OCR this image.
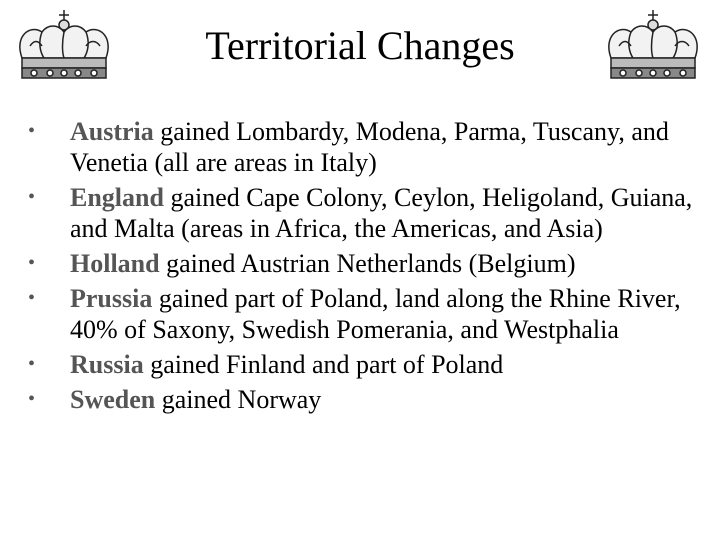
Territorial Changes
• Austria gained Lombardy, Modena, Parma, Tuscany, and Venetia (all are areas in Italy)
• England gained Cape Colony, Ceylon, Heligoland, Guiana, and Malta (areas in Africa, the Americas, and Asia)
• Holland gained Austrian Netherlands (Belgium)
• Prussia gained part of Poland, land along the Rhine River, 40% of Saxony, Swedish Pomerania, and Westphalia
• Russia gained Finland and part of Poland
• Sweden gained Norway
